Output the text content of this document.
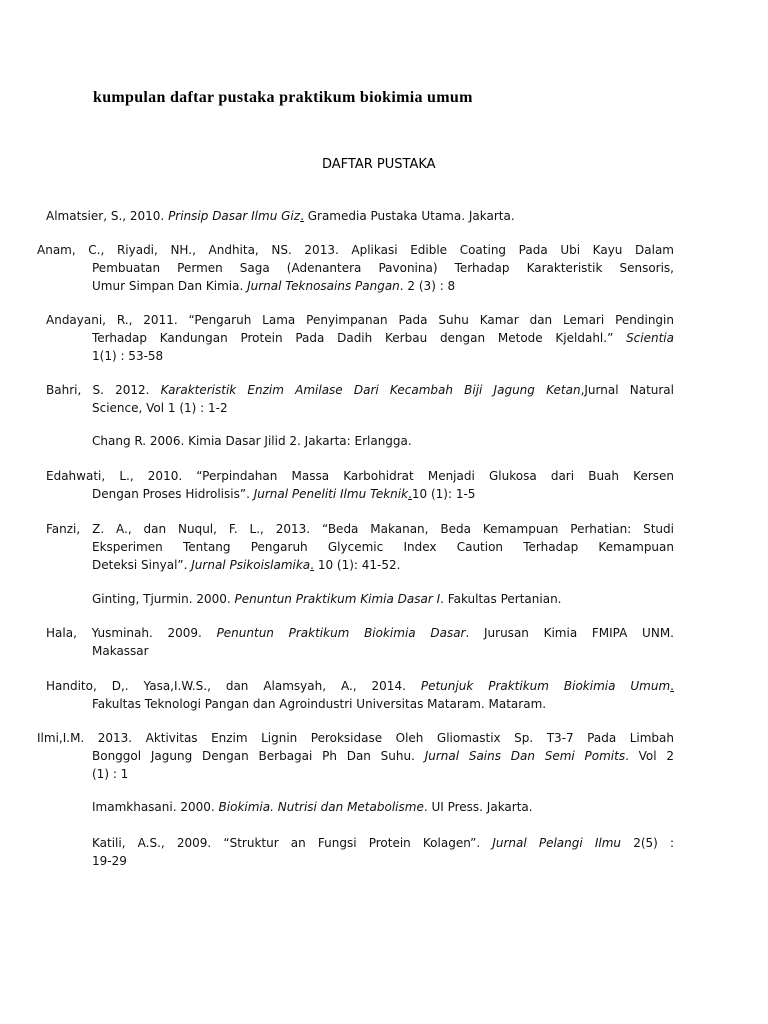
kumpulan daftar pustaka praktikum biokimia umum
DAFTAR PUSTAKA
Almatsier, S., 2010. Prinsip Dasar Ilmu Giz. Gramedia Pustaka Utama. Jakarta.
Anam, C., Riyadi, NH., Andhita, NS. 2013. Aplikasi Edible Coating Pada Ubi Kayu Dalam
Pembuatan Permen Saga (Adenantera Pavonina) Terhadap Karakteristik Sensoris,
Umur Simpan Dan Kimia. Jurnal Teknosains Pangan. 2 (3) : 8
Andayani, R., 2011. “Pengaruh Lama Penyimpanan Pada Suhu Kamar dan Lemari Pendingin
Terhadap Kandungan Protein Pada Dadih Kerbau dengan Metode Kjeldahl.” Scientia
1(1) : 53-58
Bahri, S. 2012. Karakteristik Enzim Amilase Dari Kecambah Biji Jagung Ketan,Jurnal Natural
Science, Vol 1 (1) : 1-2
Chang R. 2006. Kimia Dasar Jilid 2. Jakarta: Erlangga.
Edahwati, L., 2010. “Perpindahan Massa Karbohidrat Menjadi Glukosa dari Buah Kersen
Dengan Proses Hidrolisis”. Jurnal Peneliti Ilmu Teknik.10 (1): 1-5
Fanzi, Z. A., dan Nuqul, F. L., 2013. “Beda Makanan, Beda Kemampuan Perhatian: Studi
Eksperimen Tentang Pengaruh Glycemic Index Caution Terhadap Kemampuan
Deteksi Sinyal”. Jurnal Psikoislamika. 10 (1): 41-52.
Ginting, Tjurmin. 2000. Penuntun Praktikum Kimia Dasar I. Fakultas Pertanian.
Hala, Yusminah. 2009. Penuntun Praktikum Biokimia Dasar. Jurusan Kimia FMIPA UNM.
Makassar
Handito, D,. Yasa,I.W.S., dan Alamsyah, A., 2014. Petunjuk Praktikum Biokimia Umum.
Fakultas Teknologi Pangan dan Agroindustri Universitas Mataram. Mataram.
Ilmi,I.M. 2013. Aktivitas Enzim Lignin Peroksidase Oleh Gliomastix Sp. T3-7 Pada Limbah
Bonggol Jagung Dengan Berbagai Ph Dan Suhu. Jurnal Sains Dan Semi Pomits. Vol 2
(1) : 1
Imamkhasani. 2000. Biokimia. Nutrisi dan Metabolisme. UI Press. Jakarta.
Katili, A.S., 2009. “Struktur an Fungsi Protein Kolagen”. Jurnal Pelangi Ilmu 2(5) :
19-29
